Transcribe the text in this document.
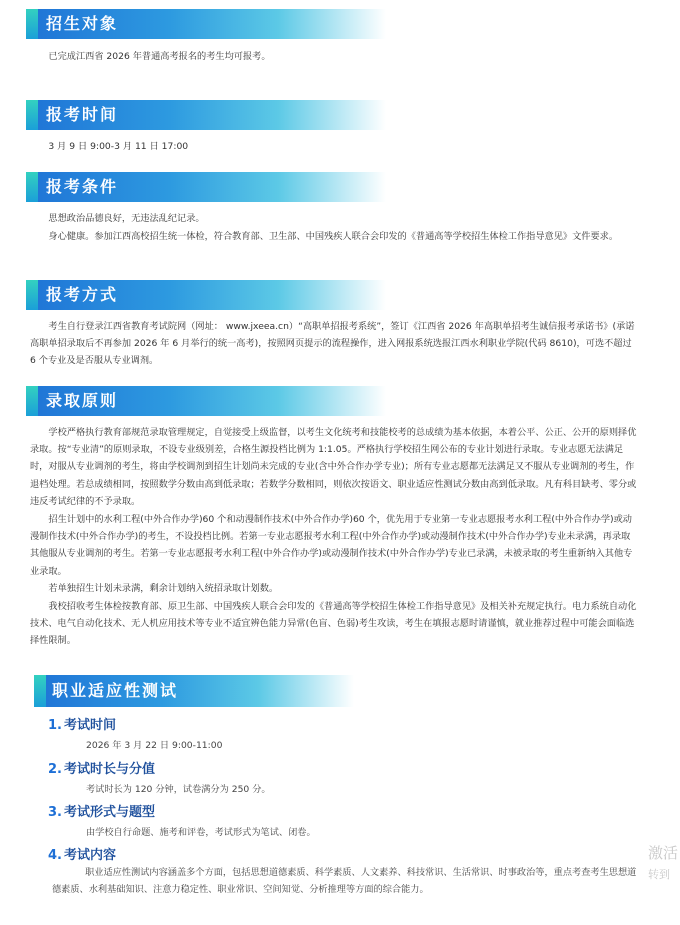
招生对象

已完成江西省 2026 年普通高考报名的考生均可报考。

报考时间

3 月 9 日 9:00-3 月 11 日 17:00

报考条件

思想政治品德良好，无违法乱纪记录。

身心健康。参加江西高校招生统一体检，符合教育部、卫生部、中国残疾人联合会印发的《普通高等学校招生体检工作指导意见》文件要求。

报考方式

考生自行登录江西省教育考试院网（网址： www.jxeea.cn）“高职单招报考系统”，签订《江西省 2026 年高职单招考生诚信报考承诺书》(承诺高职单招录取后不再参加 2026 年 6 月举行的统一高考)，按照网页提示的流程操作，进入网报系统选报江西水利职业学院(代码 8610)，可选不超过 6 个专业及是否服从专业调剂。

录取原则

学校严格执行教育部规范录取管理规定，自觉接受上级监督，以考生文化统考和技能校考的总成绩为基本依据，本着公平、公正、公开的原则择优录取。按“专业清”的原则录取，不设专业级别差，合格生源投档比例为 1:1.05。严格执行学校招生网公布的专业计划进行录取。专业志愿无法满足时，对服从专业调剂的考生，将由学校调剂到招生计划尚未完成的专业(含中外合作办学专业)；所有专业志愿都无法满足又不服从专业调剂的考生，作退档处理。若总成绩相同，按照数学分数由高到低录取；若数学分数相同，则依次按语文、职业适应性测试分数由高到低录取。凡有科目缺考、零分或违反考试纪律的不予录取。

招生计划中的水利工程(中外合作办学)60 个和动漫制作技术(中外合作办学)60 个，优先用于专业第一专业志愿报考水利工程(中外合作办学)或动漫制作技术(中外合作办学)的考生，不设投档比例。若第一专业志愿报考水利工程(中外合作办学)或动漫制作技术(中外合作办学)专业未录满，再录取其他服从专业调剂的考生。若第一专业志愿报考水利工程(中外合作办学)或动漫制作技术(中外合作办学)专业已录满，未被录取的考生重新纳入其他专业录取。

若单独招生计划未录满，剩余计划纳入统招录取计划数。

我校招收考生体检按教育部、原卫生部、中国残疾人联合会印发的《普通高等学校招生体检工作指导意见》及相关补充规定执行。电力系统自动化技术、电气自动化技术、无人机应用技术等专业不适宜辨色能力异常(色盲、色弱)考生攻读，考生在填报志愿时请谨慎，就业推荐过程中可能会面临选择性限制。

职业适应性测试
1. 考试时间
2026 年 3 月 22 日 9:00-11:00
2. 考试时长与分值
考试时长为 120 分钟，试卷满分为 250 分。
3. 考试形式与题型
由学校自行命题、施考和评卷，考试形式为笔试、闭卷。
4. 考试内容

职业适应性测试内容涵盖多个方面，包括思想道德素质、科学素质、人文素养、科技常识、生活常识、时事政治等，重点考查考生思想道德素质、水利基础知识、注意力稳定性、职业常识、空间知觉、分析推理等方面的综合能力。

激活
转到
